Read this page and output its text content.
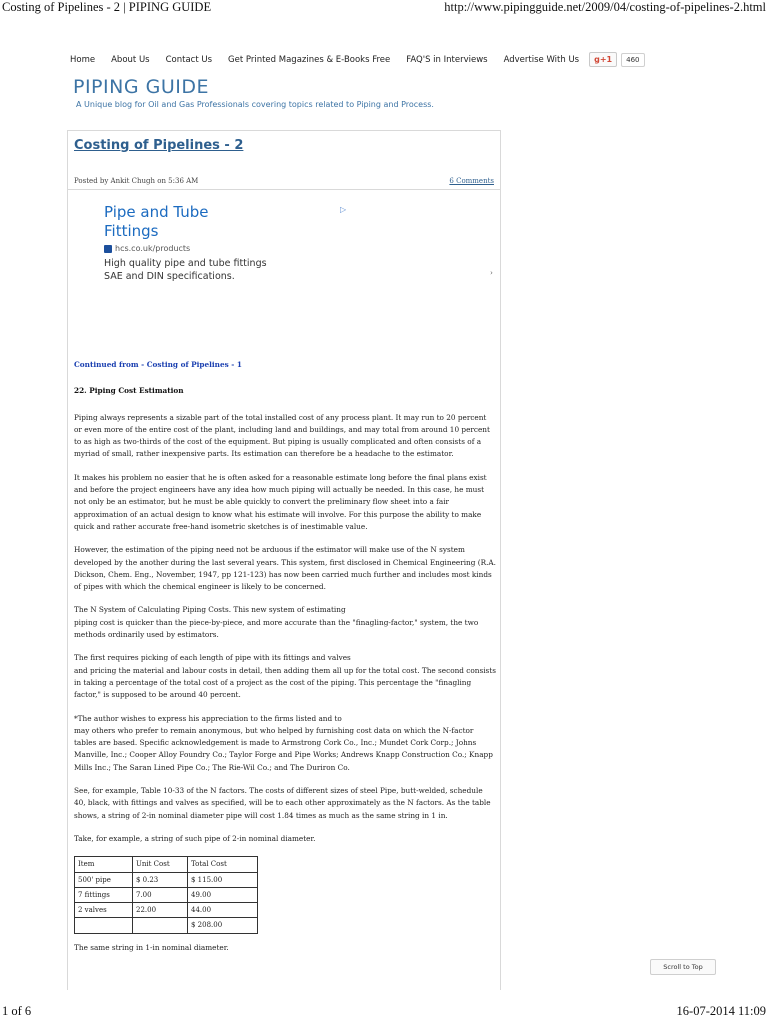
Costing of Pipelines - 2 | PIPING GUIDE	http://www.pipingguide.net/2009/04/costing-of-pipelines-2.html
Home About Us Contact Us Get Printed Magazines & E-Books Free FAQ'S in Interviews Advertise With Us	g+1	460
PIPING GUIDE
A Unique blog for Oil and Gas Professionals covering topics related to Piping and Process.
Costing of Pipelines - 2
Posted by Ankit Chugh on 5:36 AM	6 Comments
Pipe and Tube
Fittings
hcs.co.uk/products
High quality pipe and tube fittings
SAE and DIN specifications.
▷
›
Continued from - Costing of Pipelines - 1
22. Piping Cost Estimation

Piping always represents a sizable part of the total installed cost of any process plant. It may run to 20 percent or even more of the entire cost of the plant, including land and buildings, and may total from around 10 percent to as high as two-thirds of the cost of the equipment. But piping is usually complicated and often consists of a myriad of small, rather inexpensive parts. Its estimation can therefore be a headache to the estimator.

It makes his problem no easier that he is often asked for a reasonable estimate long before the final plans exist and before the project engineers have any idea how much piping will actually be needed. In this case, he must not only be an estimator, but he must be able quickly to convert the preliminary flow sheet into a fair approximation of an actual design to know what his estimate will involve. For this purpose the ability to make quick and rather accurate free-hand isometric sketches is of inestimable value.

However, the estimation of the piping need not be arduous if the estimator will make use of the N system developed by the another during the last several years. This system, first disclosed in Chemical Engineering (R.A. Dickson, Chem. Eng., November, 1947, pp 121-123) has now been carried much further and includes most kinds of pipes with which the chemical engineer is likely to be concerned.

The N System of Calculating Piping Costs. This new system of estimating
piping cost is quicker than the piece-by-piece, and more accurate than the "finagling-factor," system, the two methods ordinarily used by estimators.

The first requires picking of each length of pipe with its fittings and valves
and pricing the material and labour costs in detail, then adding them all up for the total cost. The second consists in taking a percentage of the total cost of a project as the cost of the piping. This percentage the "finagling factor," is supposed to be around 40 percent.

*The author wishes to express his appreciation to the firms listed and to
may others who prefer to remain anonymous, but who helped by furnishing cost data on which the N-factor tables are based. Specific acknowledgement is made to Armstrong Cork Co., Inc.; Mundet Cork Corp.; Johns Manville, Inc.; Cooper Alloy Foundry Co.; Taylor Forge and Pipe Works; Andrews Knapp Construction Co.; Knapp Mills Inc.; The Saran Lined Pipe Co.; The Rie-Wil Co.; and The Duriron Co.

See, for example, Table 10-33 of the N factors. The costs of different sizes of steel Pipe, butt-welded, schedule 40, black, with fittings and valves as specified, will be to each other approximately as the N factors. As the table shows, a string of 2-in nominal diameter pipe will cost 1.84 times as much as the same string in 1 in.

Take, for example, a string of such pipe of 2-in nominal diameter.

Item	Unit Cost	Total Cost
500' pipe	$ 0.23	$ 115.00
7 fittings	7.00	49.00
2 valves	22.00	44.00
		$ 208.00

The same string in 1-in nominal diameter.

Scroll to Top
1 of 6	16-07-2014 11:09
